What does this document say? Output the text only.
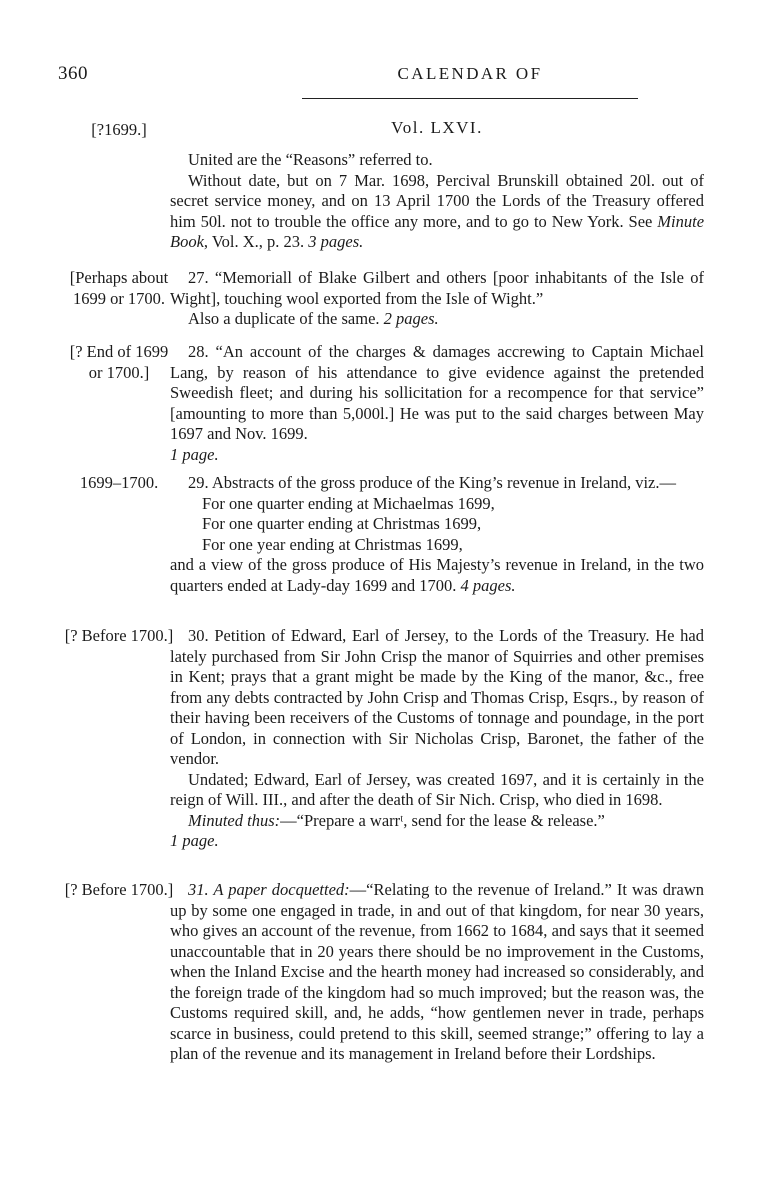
360	CALENDAR OF
Vol. LXVI.
[?1699.]

United are the “Reasons” referred to.

Without date, but on 7 Mar. 1698, Percival Brunskill obtained 20l. out of secret service money, and on 13 April 1700 the Lords of the Treasury offered him 50l. not to trouble the office any more, and to go to New York. See Minute Book, Vol. X., p. 23. 3 pages.

[Perhaps about 1699 or 1700.

27. “Memoriall of Blake Gilbert and others [poor inhabitants of the Isle of Wight], touching wool exported from the Isle of Wight.”

Also a duplicate of the same. 2 pages.

[? End of 1699 or 1700.]

28. “An account of the charges & damages accrewing to Captain Michael Lang, by reason of his attendance to give evidence against the pretended Sweedish fleet; and during his sollicitation for a recompence for that service” [amounting to more than 5,000l.] He was put to the said charges between May 1697 and Nov. 1699.

1 page.

1699–1700.	29. Abstracts of the gross produce of the King’s revenue in Ireland, viz.—

For one quarter ending at Michaelmas 1699,

For one quarter ending at Christmas 1699,

For one year ending at Christmas 1699,

and a view of the gross produce of His Majesty’s revenue in Ireland, in the two quarters ended at Lady-day 1699 and 1700. 4 pages.

[? Before 1700.] 30. Petition of Edward, Earl of Jersey, to the Lords of the Treasury. He had lately purchased from Sir John Crisp the manor of Squirries and other premises in Kent; prays that a grant might be made by the King of the manor, &c., free from any debts contracted by John Crisp and Thomas Crisp, Esqrs., by reason of their having been receivers of the Customs of tonnage and poundage, in the port of London, in connection with Sir Nicholas Crisp, Baronet, the father of the vendor.

Undated; Edward, Earl of Jersey, was created 1697, and it is certainly in the reign of Will. III., and after the death of Sir Nich. Crisp, who died in 1698.

Minuted thus:—“Prepare a warrᵗ, send for the lease & release.”

1 page.

[? Before 1700.] 31. A paper docquetted:—“Relating to the revenue of Ireland.” It was drawn up by some one engaged in trade, in and out of that kingdom, for near 30 years, who gives an account of the revenue, from 1662 to 1684, and says that it seemed unaccountable that in 20 years there should be no improvement in the Customs, when the Inland Excise and the hearth money had increased so considerably, and the foreign trade of the kingdom had so much improved; but the reason was, the Customs required skill, and, he adds, “how gentlemen never in trade, perhaps scarce in business, could pretend to this skill, seemed strange;” offering to lay a plan of the revenue and its management in Ireland before their Lordships.
